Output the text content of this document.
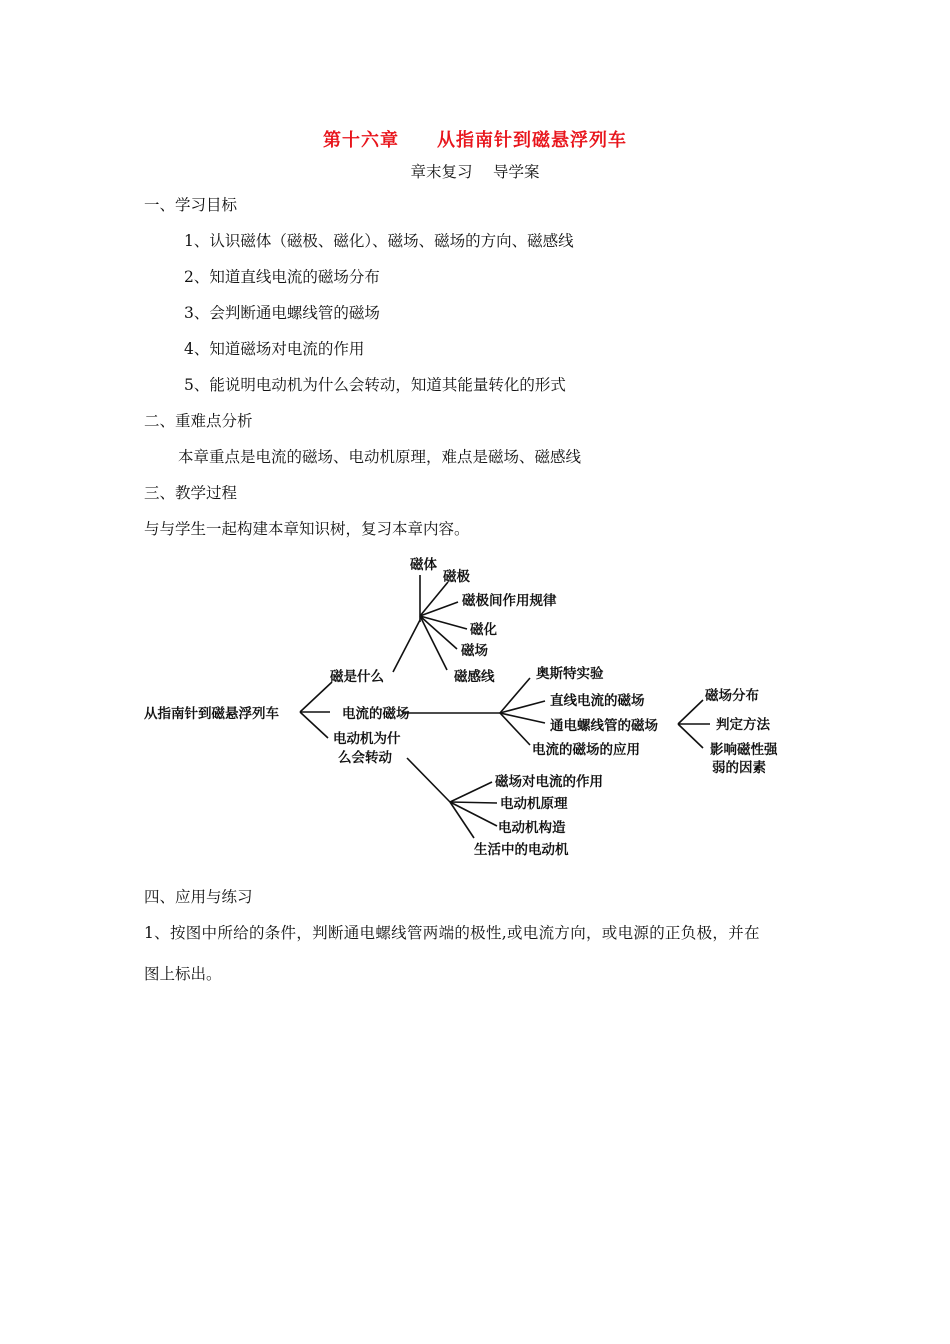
第十六章　　从指南针到磁悬浮列车
章末复习　 导学案
一、学习目标
1、认识磁体（磁极、磁化）、磁场、磁场的方向、磁感线
2、知道直线电流的磁场分布
3、会判断通电螺线管的磁场
4、知道磁场对电流的作用
5、能说明电动机为什么会转动，知道其能量转化的形式
二、重难点分析
本章重点是电流的磁场、电动机原理，难点是磁场、磁感线
三、教学过程
与与学生一起构建本章知识树，复习本章内容。
从指南针到磁悬浮列车
磁是什么
磁体
磁极
磁极间作用规律
磁化
磁场
磁感线
电流的磁场
奥斯特实验
直线电流的磁场
通电螺线管的磁场
电流的磁场的应用
磁场分布
判定方法
影响磁性强
弱的因素
电动机为什
么会转动
磁场对电流的作用
电动机原理
电动机构造
生活中的电动机
四、应用与练习
1、按图中所给的条件，判断通电螺线管两端的极性,或电流方向，或电源的正负极，并在
图上标出。
